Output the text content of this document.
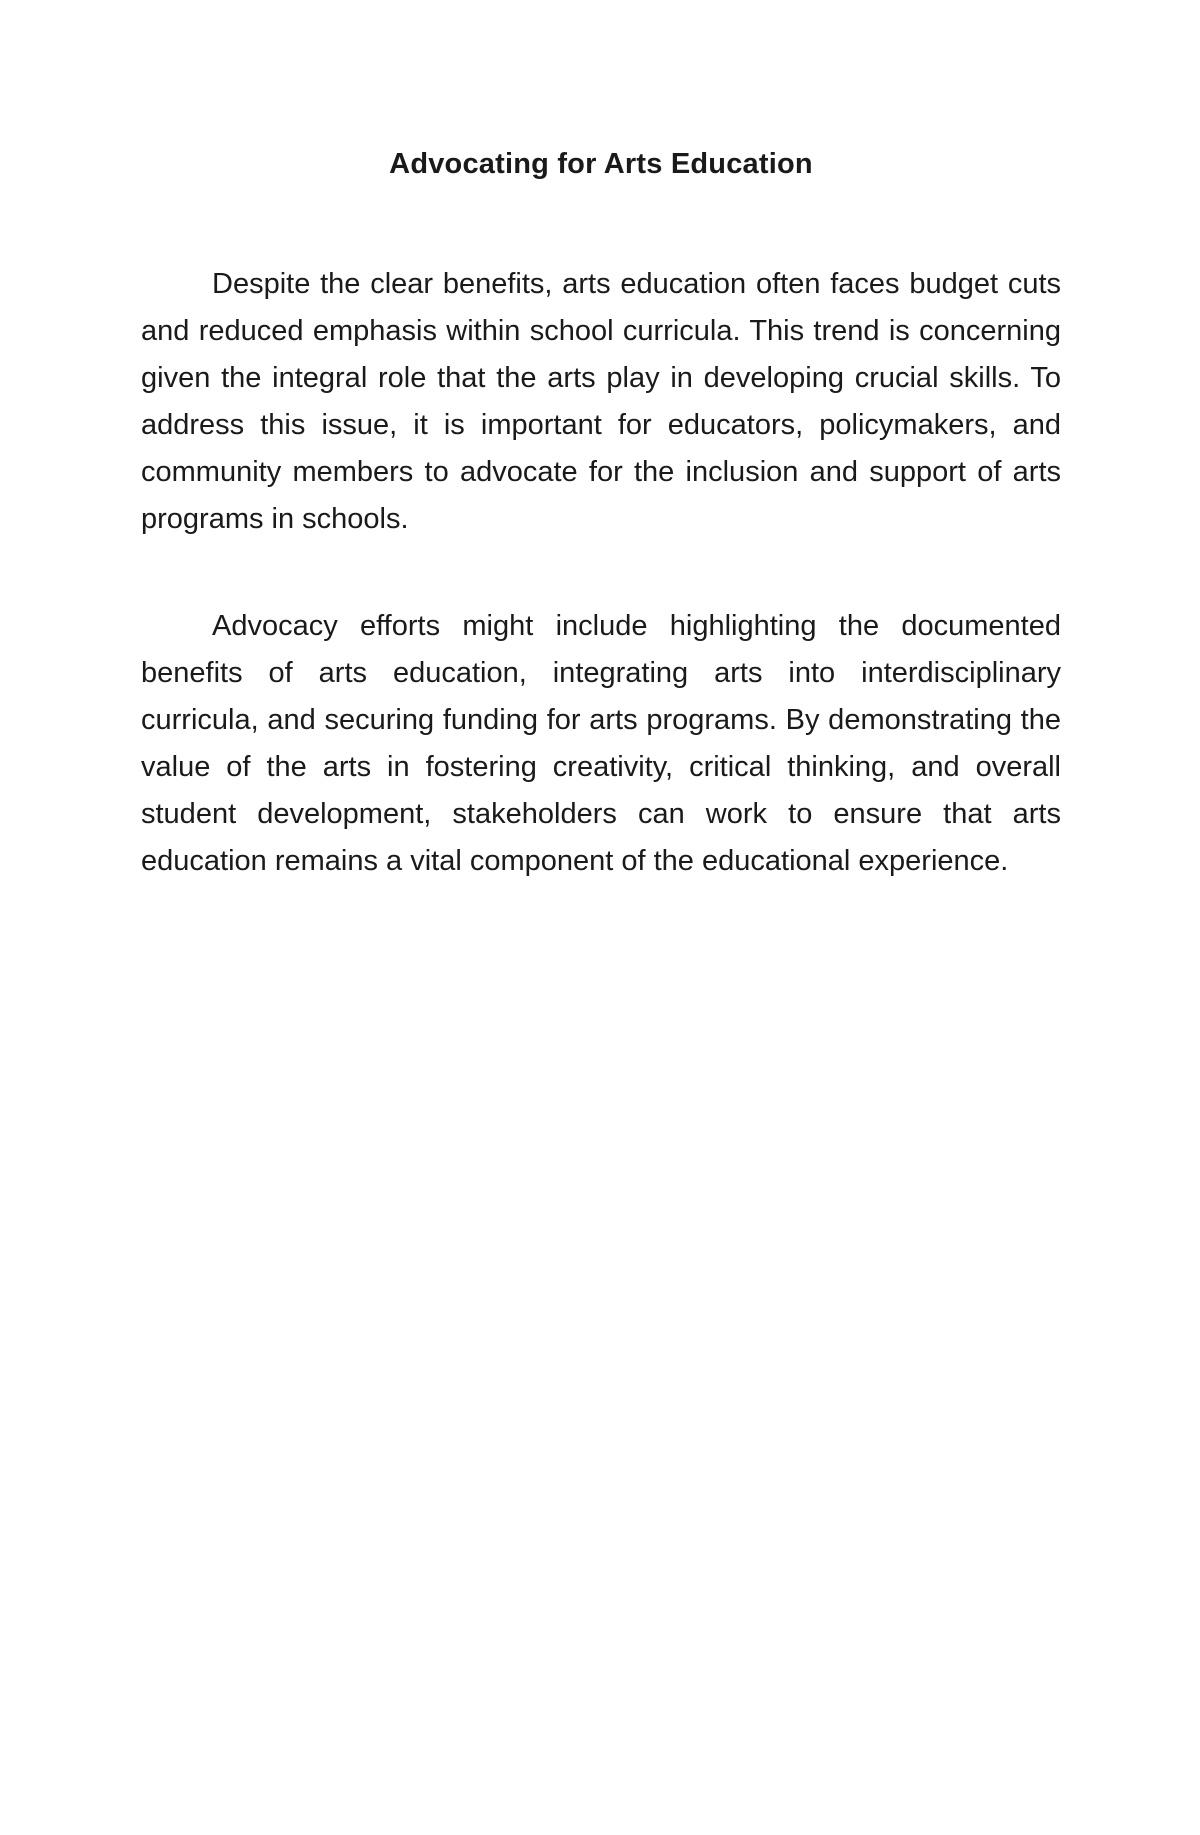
Advocating for Arts Education

Despite the clear benefits, arts education often faces budget cuts and reduced emphasis within school curricula. This trend is concerning given the integral role that the arts play in developing crucial skills. To address this issue, it is important for educators, policymakers, and community members to advocate for the inclusion and support of arts programs in schools.

Advocacy efforts might include highlighting the documented benefits of arts education, integrating arts into interdisciplinary curricula, and securing funding for arts programs. By demonstrating the value of the arts in fostering creativity, critical thinking, and overall student development, stakeholders can work to ensure that arts education remains a vital component of the educational experience.
